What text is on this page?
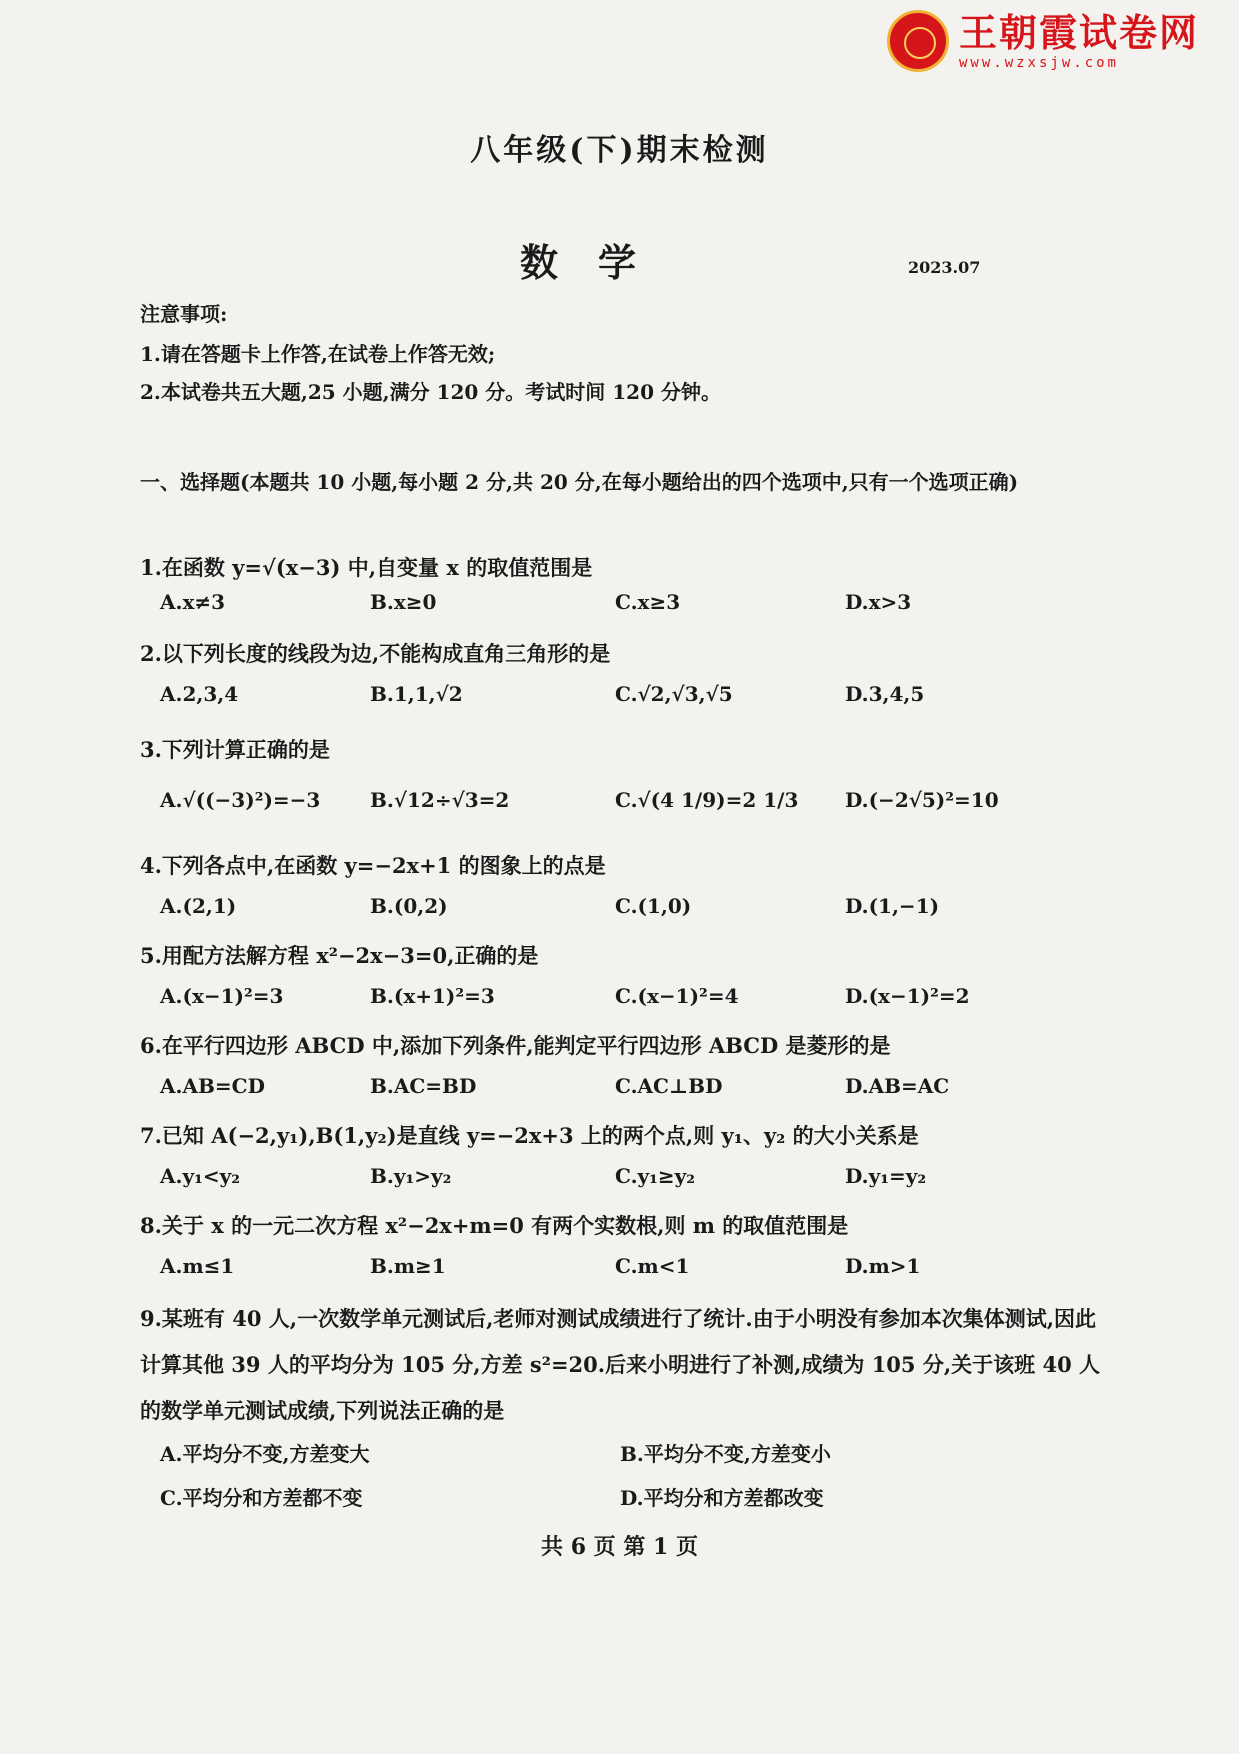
王朝霞试卷网
www.wzxsjw.com
八年级(下)期末检测
数学	2023.07
注意事项:
1.请在答题卡上作答,在试卷上作答无效;
2.本试卷共五大题,25 小题,满分 120 分。考试时间 120 分钟。
一、选择题(本题共 10 小题,每小题 2 分,共 20 分,在每小题给出的四个选项中,只有一个选项正确)
1.在函数 y=√(x−3) 中,自变量 x 的取值范围是
A.x≠3	B.x≥0	C.x≥3	D.x>3
2.以下列长度的线段为边,不能构成直角三角形的是
A.2,3,4	B.1,1,√2	C.√2,√3,√5	D.3,4,5
3.下列计算正确的是
A.√((−3)²)=−3 B.√12÷√3=2	C.√(4 1/9)=2 1/3 D.(−2√5)²=10
4.下列各点中,在函数 y=−2x+1 的图象上的点是
A.(2,1)	B.(0,2)	C.(1,0)	D.(1,−1)
5.用配方法解方程 x²−2x−3=0,正确的是
A.(x−1)²=3	B.(x+1)²=3	C.(x−1)²=4	D.(x−1)²=2
6.在平行四边形 ABCD 中,添加下列条件,能判定平行四边形 ABCD 是菱形的是
A.AB=CD	B.AC=BD	C.AC⊥BD	D.AB=AC
7.已知 A(−2,y₁),B(1,y₂)是直线 y=−2x+3 上的两个点,则 y₁、y₂ 的大小关系是
A.y₁<y₂	B.y₁>y₂	C.y₁≥y₂	D.y₁=y₂
8.关于 x 的一元二次方程 x²−2x+m=0 有两个实数根,则 m 的取值范围是
A.m≤1	B.m≥1	C.m<1	D.m>1
9.某班有 40 人,一次数学单元测试后,老师对测试成绩进行了统计.由于小明没有参加本次集体测试,因此计算其他 39 人的平均分为 105 分,方差 s²=20.后来小明进行了补测,成绩为 105 分,关于该班 40 人的数学单元测试成绩,下列说法正确的是
A.平均分不变,方差变大	B.平均分不变,方差变小
C.平均分和方差都不变	D.平均分和方差都改变
共 6 页 第 1 页
